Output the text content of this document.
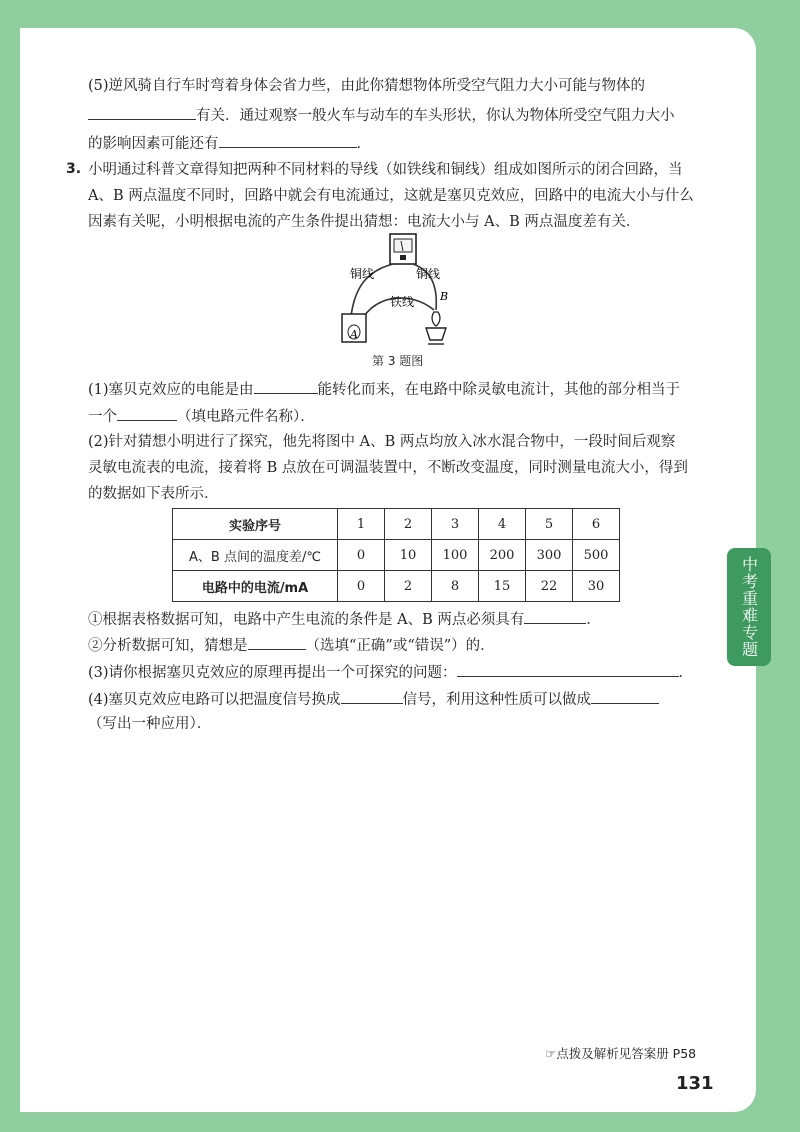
中考重难专题
(5)逆风骑自行车时弯着身体会省力些，由此你猜想物体所受空气阻力大小可能与物体的
有关．通过观察一般火车与动车的车头形状，你认为物体所受空气阻力大小
的影响因素可能还有	．
3. 小明通过科普文章得知把两种不同材料的导线（如铁线和铜线）组成如图所示的闭合回路，当
A、B 两点温度不同时，回路中就会有电流通过，这就是塞贝克效应，回路中的电流大小与什么
因素有关呢，小明根据电流的产生条件提出猜想：电流大小与 A、B 两点温度差有关．
铜线	铜线
铁线
A
B
第 3 题图
(1)塞贝克效应的电能是由	能转化而来，在电路中除灵敏电流计，其他的部分相当于
一个	（填电路元件名称）．
(2)针对猜想小明进行了探究，他先将图中 A、B 两点均放入冰水混合物中，一段时间后观察
灵敏电流表的电流，接着将 B 点放在可调温装置中，不断改变温度，同时测量电流大小，得到
的数据如下表所示．
实验序号	1	2	3	4	5	6
A、B 点间的温度差/℃	0	10	100	200	300	500
电路中的电流/mA	0	2	8	15	22	30
①根据表格数据可知，电路中产生电流的条件是 A、B 两点必须具有	．
②分析数据可知，猜想是	（选填“正确”或“错误”）的．
(3)请你根据塞贝克效应的原理再提出一个可探究的问题：	．
(4)塞贝克效应电路可以把温度信号换成	信号，利用这种性质可以做成
（写出一种应用）．
☞点拨及解析见答案册 P58
131
